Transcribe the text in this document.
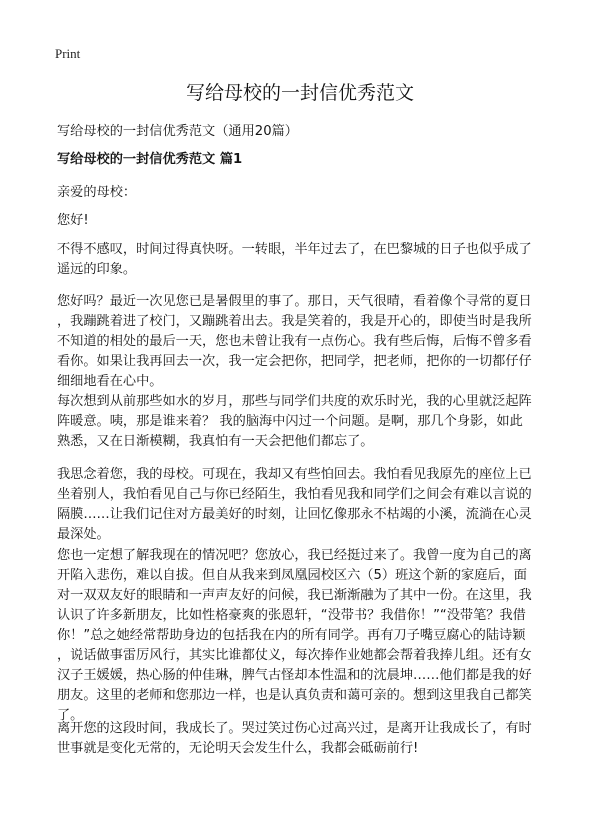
Print
写给母校的一封信优秀范文
写给母校的一封信优秀范文（通用20篇）
写给母校的一封信优秀范文 篇1
亲爱的母校：
您好!
不得不感叹，时间过得真快呀。一转眼，半年过去了，在巴黎城的日子也似乎成了
遥远的印象。
您好吗？最近一次见您已是暑假里的事了。那日，天气很晴，看着像个寻常的夏日
，我蹦跳着进了校门，又蹦跳着出去。我是笑着的，我是开心的，即使当时是我所
不知道的相处的最后一天，您也未曾让我有一点伤心。我有些后悔，后悔不曾多看
看你。如果让我再回去一次，我一定会把你，把同学，把老师，把你的一切都仔仔
细细地看在心中。
每次想到从前那些如水的岁月，那些与同学们共度的欢乐时光，我的心里就泛起阵
阵暖意。咦，那是谁来着？ 我的脑海中闪过一个问题。是啊，那几个身影，如此
熟悉，又在日渐模糊，我真怕有一天会把他们都忘了。
我思念着您，我的母校。可现在，我却又有些怕回去。我怕看见我原先的座位上已
坐着别人，我怕看见自己与你已经陌生，我怕看见我和同学们之间会有难以言说的
隔膜……让我们记住对方最美好的时刻，让回忆像那永不枯竭的小溪，流淌在心灵
最深处。
您也一定想了解我现在的情况吧？您放心，我已经挺过来了。我曾一度为自己的离
开陷入悲伤，难以自拔。但自从我来到凤凰园校区六（5）班这个新的家庭后，面
对一双双友好的眼睛和一声声友好的问候，我已渐渐融为了其中一份。在这里，我
认识了许多新朋友，比如性格豪爽的张恩轩，“没带书？我借你！”“没带笔？我借
你！”总之她经常帮助身边的包括我在内的所有同学。再有刀子嘴豆腐心的陆诗颖
，说话做事雷厉风行，其实比谁都仗义，每次捧作业她都会帮着我捧儿组。还有女
汉子王媛媛，热心肠的仲佳琳，脾气古怪却本性温和的沈晨坤……他们都是我的好
朋友。这里的老师和您那边一样，也是认真负责和蔼可亲的。想到这里我自己都笑
了。
离开您的这段时间，我成长了。哭过笑过伤心过高兴过，是离开让我成长了，有时
世事就是变化无常的，无论明天会发生什么，我都会砥砺前行!
